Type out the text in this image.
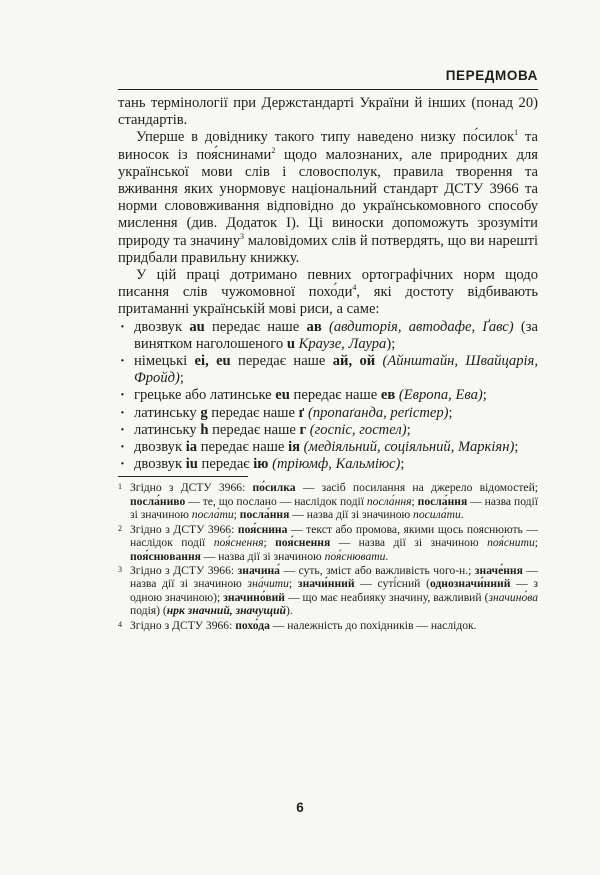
ПЕРЕДМОВА

тань термінології при Держстандарті України й інших (понад 20) стандартів.

Уперше в довіднику такого типу наведено низку по́силок$^1$ та виносок із поя́снинами$^2$ щодо малознаних, але природних для української мови слів і словосполук, правила творення та вживання яких унормовує національний стандарт ДСТУ 3966 та норми слововживання відповідно до українськомовного способу мислення (див. Додаток І). Ці виноски допоможуть зрозуміти природу та значину$^3$ маловідомих слів й потвердять, що ви нарешті придбали правильну книжку.

У цій праці дотримано певних ортографічних норм щодо писання слів чужомовної $похо́ди^4$, які достоту відбивають притаманні українській мові риси, а саме:

· двозвук au передає наше ав (авдиторія, автодафе, Ґавс) (за винятком наголошеного u Краузе, Лаура);
· німецькі ei, eu передає наше ай, ой (Айнштайн, Швайцарія, Фройд);
· грецьке або латинське eu передає наше ев (Европа, Ева);
· латинську g передає наше ґ (пропаґанда, реґістер);
· латинську h передає наше г (госпіс, гостел);
· двозвук ia передає наше ія (медіяльний, соціяльний, Маркіян);
· двозвук iu передає ію (тріюмф, Кальміюс);

1 Згідно з ДСТУ 3966: по́силка — засіб посилання на джерело відомостей; посла́ниво — те, що послано — наслідок події посла́ння; посла́ння — назва події зі значиною посла́ти; посла́ння — назва дії зі значиною посила́ти.

2 Згідно з ДСТУ 3966: поя́снина — текст або промова, якими щось пояснюють — наслідок події поя́снення; поя́снення — назва дії зі значиною поя́снити; поя́снювання — назва дії зі значиною поя́снювати.

3 Згідно з ДСТУ 3966: значина́ — суть, зміст або важливість чого-н.; значе́ння — назва дії зі значиною зна́чити; значи́нний — суті́сний (однозначи́нний — з одною значиною); значино́вий — що має неабияку значину, важливий (значино́ва подія) (нрк значний, значущий).

4 Згідно з ДСТУ 3966: похо́да — належність до похідників — наслідок.

6
